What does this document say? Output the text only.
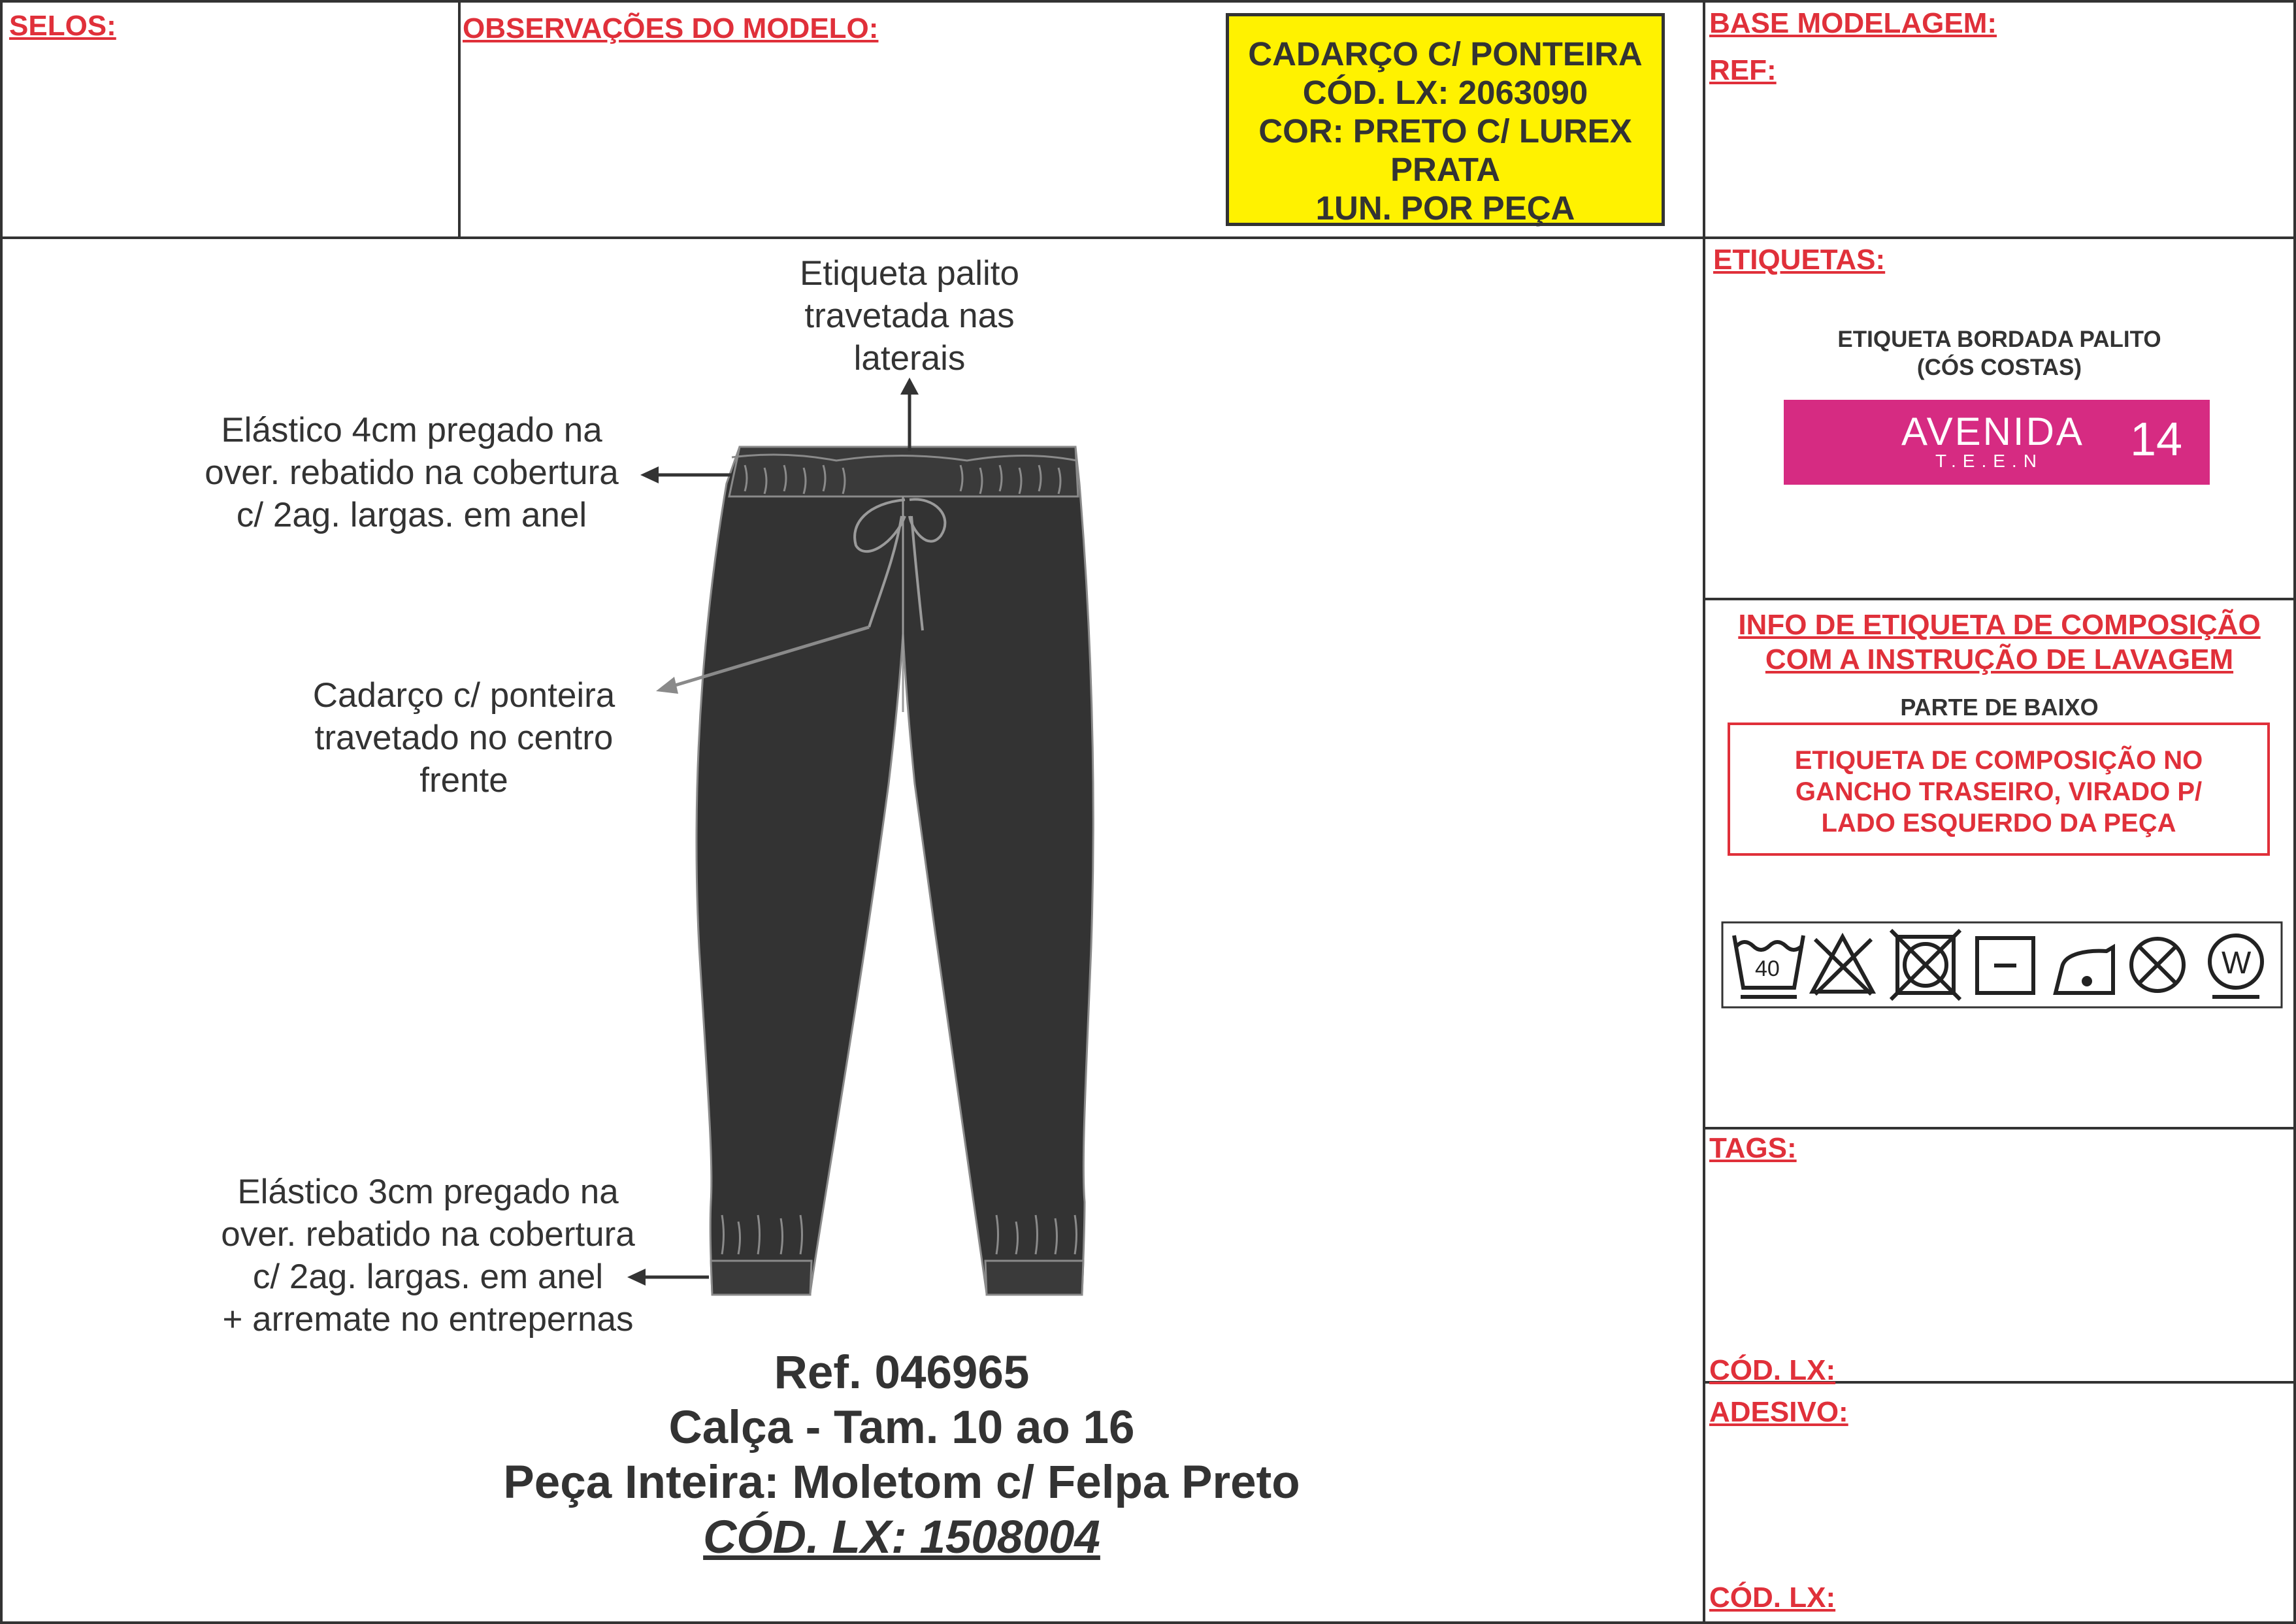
SELOS:	OBSERVAÇÕES DO MODELO:	BASE MODELAGEM:
REF:
CADARÇO C/ PONTEIRA
CÓD. LX: 2063090
COR: PRETO C/ LUREX
PRATA
1UN. POR PEÇA
Etiqueta palito
travetada nas
laterais
Elástico 4cm pregado na
over. rebatido na cobertura
c/ 2ag. largas. em anel
Cadarço c/ ponteira
travetado no centro
frente
Elástico 3cm pregado na
over. rebatido na cobertura
c/ 2ag. largas. em anel
+ arremate no entrepernas
Ref. 046965
Calça - Tam. 10 ao 16
Peça Inteira: Moletom c/ Felpa Preto
CÓD. LX: 1508004
ETIQUETAS:
ETIQUETA BORDADA PALITO
(CÓS COSTAS)
AVENIDA
T.E.E.N 14
INFO DE ETIQUETA DE COMPOSIÇÃO
COM A INSTRUÇÃO DE LAVAGEM
PARTE DE BAIXO
ETIQUETA DE COMPOSIÇÃO NO
GANCHO TRASEIRO, VIRADO P/
LADO ESQUERDO DA PEÇA
40	W
TAGS:
CÓD. LX:
ADESIVO:
CÓD. LX:
